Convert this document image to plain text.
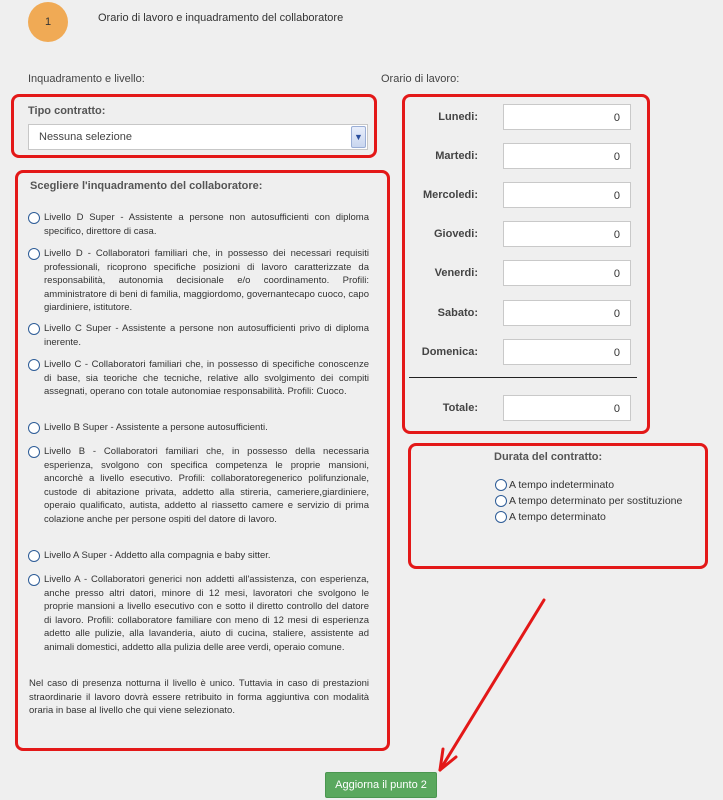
1	Orario di lavoro e inquadramento del collaboratore
Inquadramento e livello:	Orario di lavoro:
Tipo contratto:
Nessuna selezione	▼
Scegliere l'inquadramento del collaboratore:
Livello D Super - Assistente a persone non autosufficienti con diploma specifico, direttore di casa.
Livello D - Collaboratori familiari che, in possesso dei necessari requisiti professionali, ricoprono specifiche posizioni di lavoro caratterizzate da responsabilità, autonomia decisionale e/o coordinamento. Profili: amministratore di beni di familia, maggiordomo, governantecapo cuoco, capo giardiniere, istitutore.
Livello C Super - Assistente a persone non autosufficienti privo di diploma inerente.
Livello C - Collaboratori familiari che, in possesso di specifiche conoscenze di base, sia teoriche che tecniche, relative allo svolgimento dei compiti assegnati, operano con totale autonomiae responsabilità. Profili: Cuoco.
Livello B Super - Assistente a persone autosufficienti.
Livello B - Collaboratori familiari che, in possesso della necessaria esperienza, svolgono con specifica competenza le proprie mansioni, ancorchè a livello esecutivo. Profili: collaboratoregenerico polifunzionale, custode di abitazione privata, addetto alla stireria, cameriere,giardiniere, operaio qualificato, autista, addetto al riassetto camere e servizio di prima colazione anche per persone ospiti del datore di lavoro.
Livello A Super - Addetto alla compagnia e baby sitter.
Livello A - Collaboratori generici non addetti all'assistenza, con esperienza, anche presso altri datori, minore di 12 mesi, lavoratori che svolgono le proprie mansioni a livello esecutivo con e sotto il diretto controllo del datore di lavoro. Profili: collaboratore familiare con meno di 12 mesi di esperienza adetto alle pulizie, alla lavanderia, aiuto di cucina, staliere, assistente ad animali domestici, addetto alla pulizia delle aree verdi, operaio comune.
Nel caso di presenza notturna il livello è unico. Tuttavia in caso di prestazioni straordinarie il lavoro dovrà essere retribuito in forma aggiuntiva con modalità oraria in base al livello che qui viene selezionato.
Lunedi:	0
Martedi:	0
Mercoledi:	0
Giovedi:	0
Venerdi:	0
Sabato:	0
Domenica:	0
Totale:	0
Durata del contratto:
A tempo indeterminato
A tempo determinato per sostituzione
A tempo determinato
Aggiorna il punto 2
